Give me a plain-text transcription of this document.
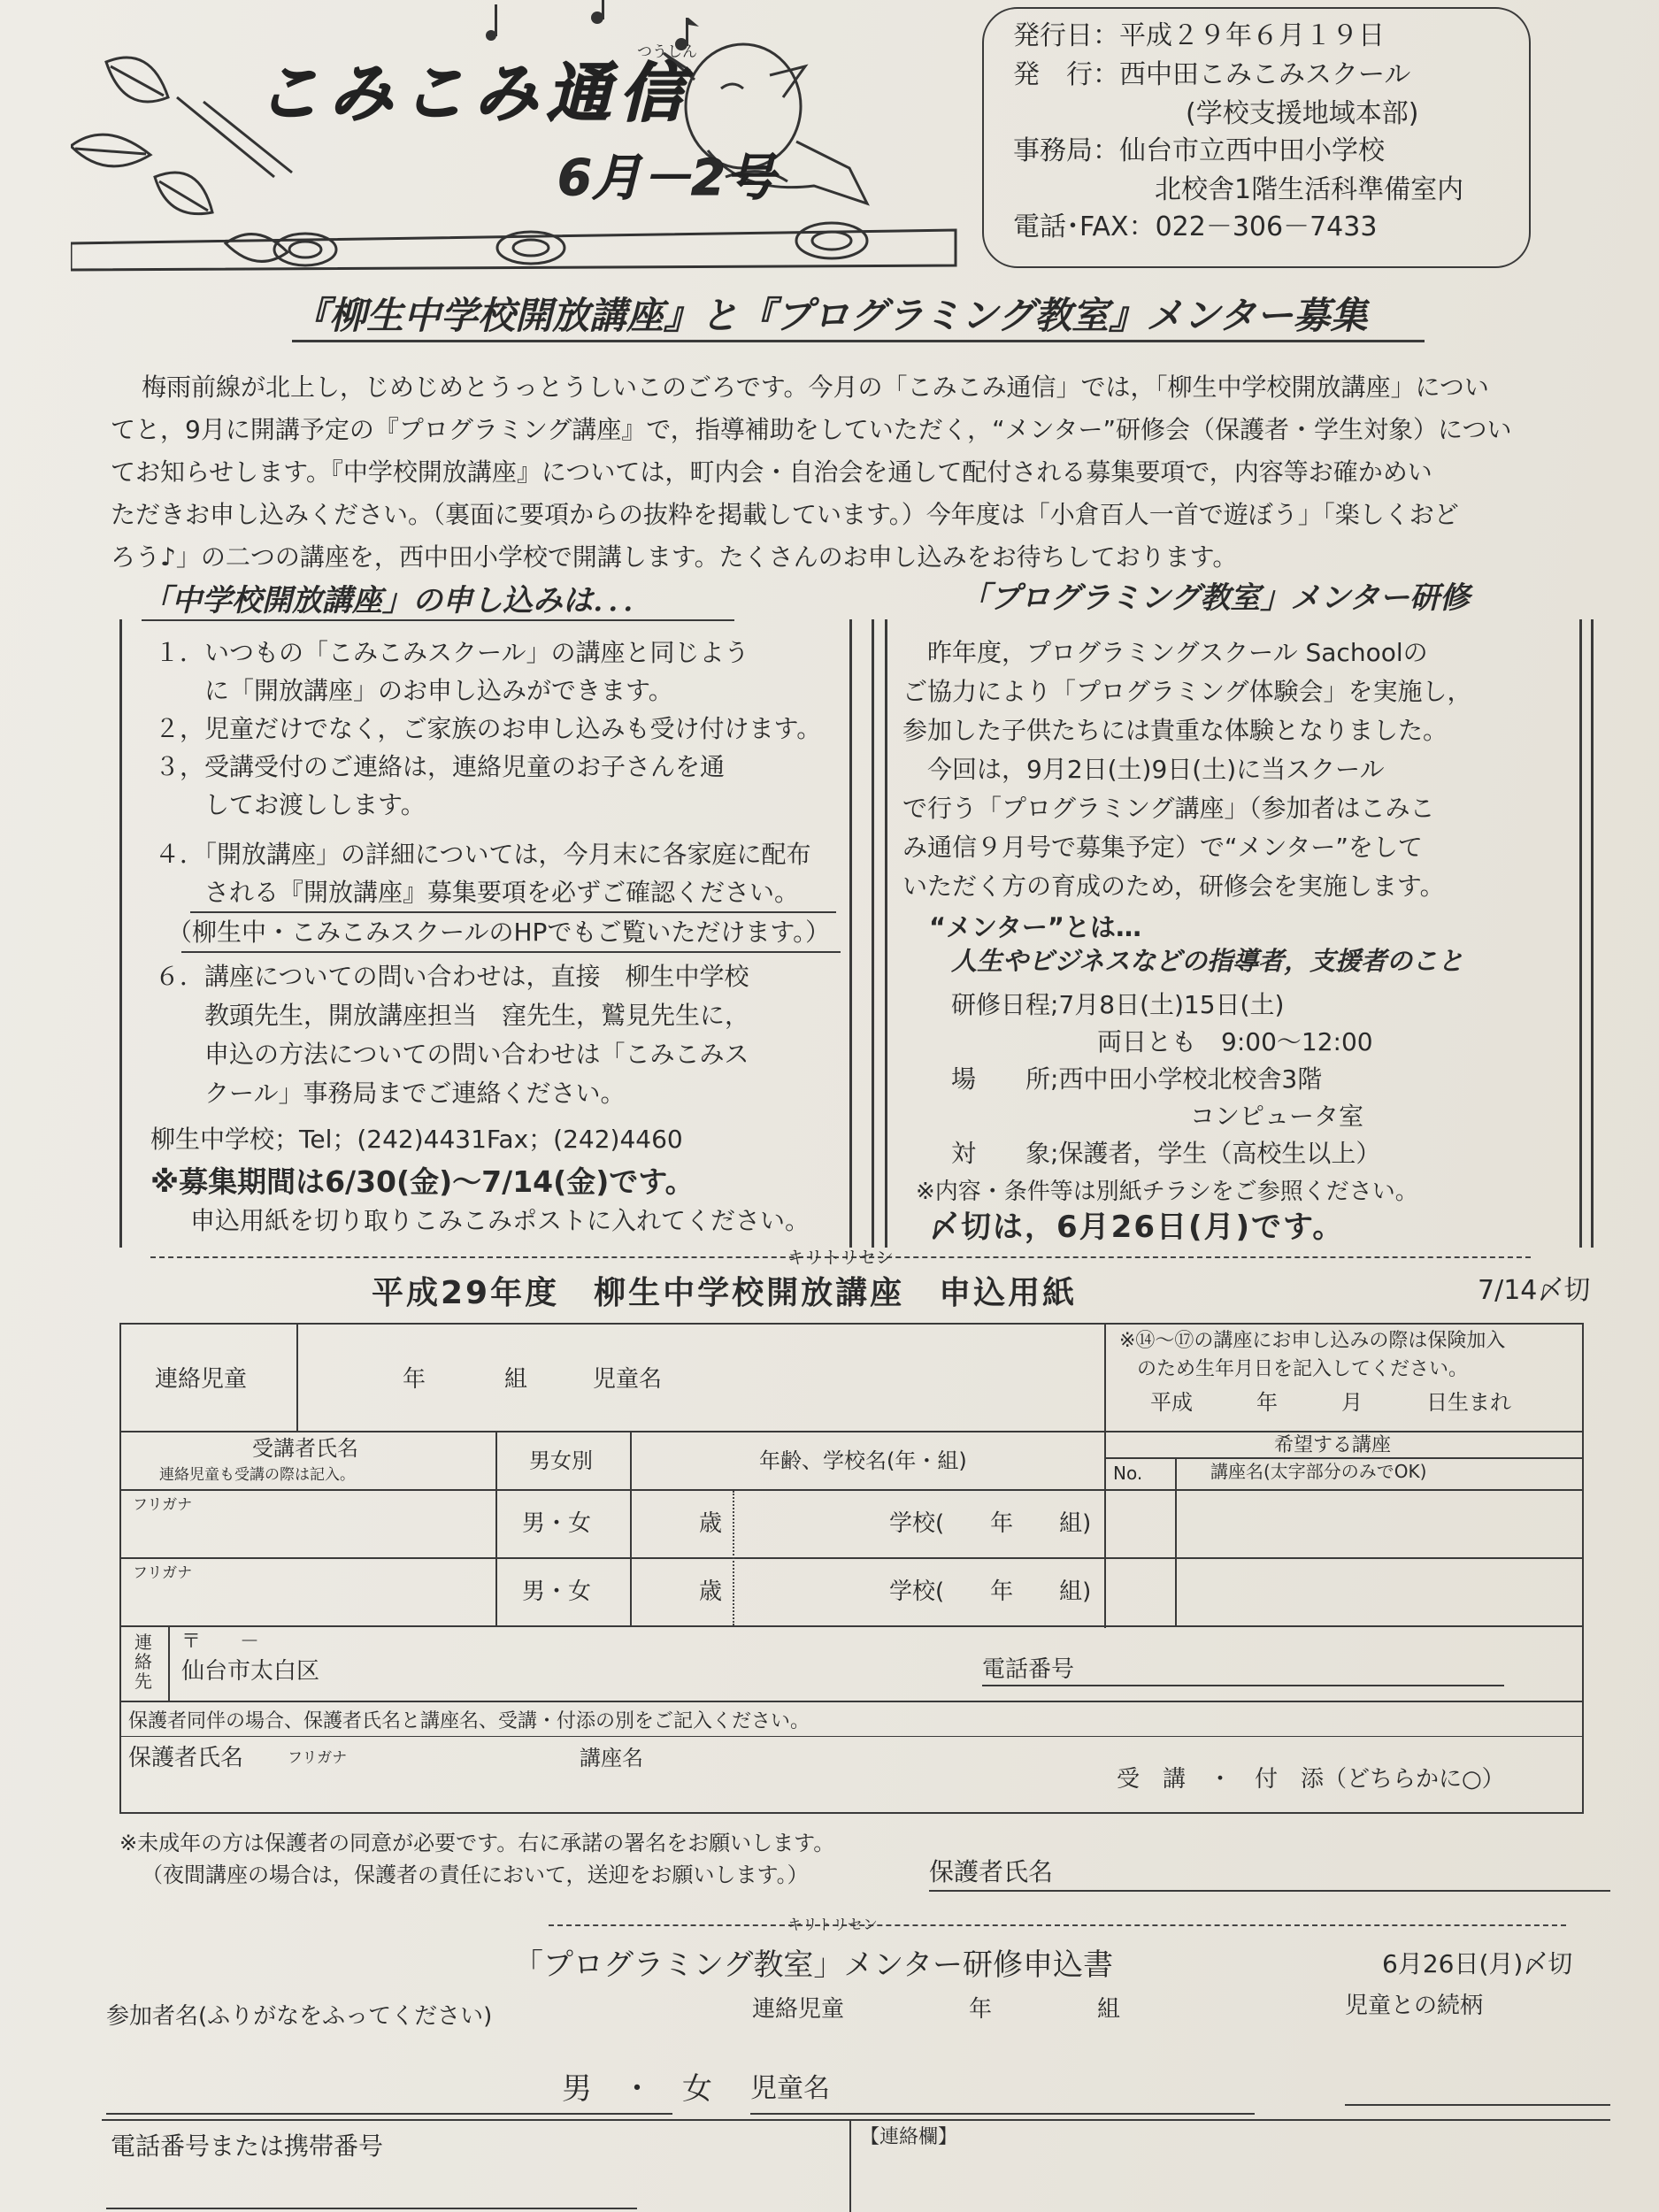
こみこみ通信
つうしん
6月－2号
発行日：平成２９年６月１９日
発　行：西中田こみこみスクール
(学校支援地域本部)
事務局：仙台市立西中田小学校
北校舎1階生活科準備室内
電話･FAX：022－306－7433
『柳生中学校開放講座』と『プログラミング教室』メンター募集
梅雨前線が北上し，じめじめとうっとうしいこのごろです。今月の「こみこみ通信」では，「柳生中学校開放講座」につい
てと，9月に開講予定の『プログラミング講座』で，指導補助をしていただく，“メンター”研修会（保護者・学生対象）につい
てお知らせします。『中学校開放講座』については，町内会・自治会を通して配付される募集要項で，内容等お確かめい
ただきお申し込みください。（裏面に要項からの抜粋を掲載しています。）今年度は「小倉百人一首で遊ぼう」「楽しくおど
ろう♪」の二つの講座を，西中田小学校で開講します。たくさんのお申し込みをお待ちしております。
「中学校開放講座」の申し込みは．．．
１．いつもの「こみこみスクール」の講座と同じよう
　　に「開放講座」のお申し込みができます。
２，児童だけでなく，ご家族のお申し込みも受け付けます。
３，受講受付のご連絡は，連絡児童のお子さんを通
　　してお渡しします。
４．「開放講座」の詳細については，今月末に各家庭に配布
　　される『開放講座』募集要項を必ずご確認ください。
　（柳生中・こみこみスクールのHPでもご覧いただけます。）
６．講座についての問い合わせは，直接　柳生中学校
　　教頭先生，開放講座担当　窪先生，鷲見先生に，
　　申込の方法についての問い合わせは「こみこみス
　　クール」事務局までご連絡ください。
柳生中学校；Tel；(242)4431Fax；(242)4460
※募集期間は6/30(金)～7/14(金)です。
申込用紙を切り取りこみこみポストに入れてください。
「プログラミング教室」メンター研修
　昨年度，プログラミングスクール Sachoolの
ご協力により「プログラミング体験会」を実施し，
参加した子供たちには貴重な体験となりました。
　今回は，9月2日(土)9日(土)に当スクール
で行う「プログラミング講座」（参加者はこみこ
み通信９月号で募集予定）で“メンター”をして
いただく方の育成のため，研修会を実施します。
“メンター”とは…
人生やビジネスなどの指導者，支援者のこと
研修日程;7月8日(土)15日(土)
両日とも　9:00～12:00
場　　所;西中田小学校北校舎3階
コンピュータ室
対　　象;保護者，学生（高校生以上）
※内容・条件等は別紙チラシをご参照ください。
〆切は，6月26日(月)です。
キリトリセン
平成29年度　柳生中学校開放講座　申込用紙	7/14〆切
連絡児童	年	組	児童名
※⑭～⑰の講座にお申し込みの際は保険加入
のため生年月日を記入してください。
平成　　　年　　　月　　　日生まれ
受講者氏名
連絡児童も受講の際は記入。
男女別	年齢、学校名(年・組)
希望する講座
No.	講座名(太字部分のみでOK)
フリガナ
男・女	歳	学校(　　年　　組)
フリガナ
男・女	歳	学校(　　年　　組)
連絡先
〒　　－
仙台市太白区	電話番号
保護者同伴の場合、保護者氏名と講座名、受講・付添の別をご記入ください。
保護者氏名	フリガナ	講座名
受　講　・　付　添（どちらかに○）
※未成年の方は保護者の同意が必要です。右に承諾の署名をお願いします。
（夜間講座の場合は，保護者の責任において，送迎をお願いします。）	保護者氏名
キリトリセン
「プログラミング教室」メンター研修申込書	6月26日(月)〆切
参加者名(ふりがなをふってください)	連絡児童	年	組	児童との続柄
男　・　女 児童名
電話番号または携帯番号	【連絡欄】
